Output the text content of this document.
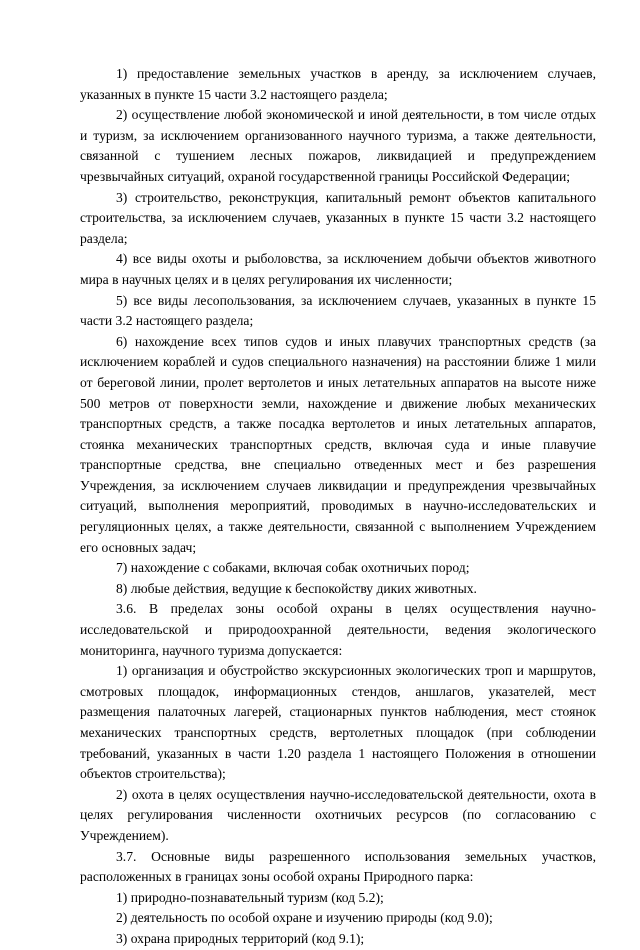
1) предоставление земельных участков в аренду, за исключением случаев, указанных в пункте 15 части 3.2 настоящего раздела;

2) осуществление любой экономической и иной деятельности, в том числе отдых и туризм, за исключением организованного научного туризма, а также деятельности, связанной с тушением лесных пожаров, ликвидацией и предупреждением чрезвычайных ситуаций, охраной государственной границы Российской Федерации;

3) строительство, реконструкция, капитальный ремонт объектов капитального строительства, за исключением случаев, указанных в пункте 15 части 3.2 настоящего раздела;

4) все виды охоты и рыболовства, за исключением добычи объектов животного мира в научных целях и в целях регулирования их численности;

5) все виды лесопользования, за исключением случаев, указанных в пункте 15 части 3.2 настоящего раздела;

6) нахождение всех типов судов и иных плавучих транспортных средств (за исключением кораблей и судов специального назначения) на расстоянии ближе 1 мили от береговой линии, пролет вертолетов и иных летательных аппаратов на высоте ниже 500 метров от поверхности земли, нахождение и движение любых механических транспортных средств, а также посадка вертолетов и иных летательных аппаратов, стоянка механических транспортных средств, включая суда и иные плавучие транспортные средства, вне специально отведенных мест и без разрешения Учреждения, за исключением случаев ликвидации и предупреждения чрезвычайных ситуаций, выполнения мероприятий, проводимых в научно-исследовательских и регуляционных целях, а также деятельности, связанной с выполнением Учреждением его основных задач;

7) нахождение с собаками, включая собак охотничьих пород;

8) любые действия, ведущие к беспокойству диких животных.

3.6. В пределах зоны особой охраны в целях осуществления научно-исследовательской и природоохранной деятельности, ведения экологического мониторинга, научного туризма допускается:

1) организация и обустройство экскурсионных экологических троп и маршрутов, смотровых площадок, информационных стендов, аншлагов, указателей, мест размещения палаточных лагерей, стационарных пунктов наблюдения, мест стоянок механических транспортных средств, вертолетных площадок (при соблюдении требований, указанных в части 1.20 раздела 1 настоящего Положения в отношении объектов строительства);

2) охота в целях осуществления научно-исследовательской деятельности, охота в целях регулирования численности охотничьих ресурсов (по согласованию с Учреждением).

3.7. Основные виды разрешенного использования земельных участков, расположенных в границах зоны особой охраны Природного парка:

1) природно-познавательный туризм (код 5.2);

2) деятельность по особой охране и изучению природы (код 9.0);

3) охрана природных территорий (код 9.1);
